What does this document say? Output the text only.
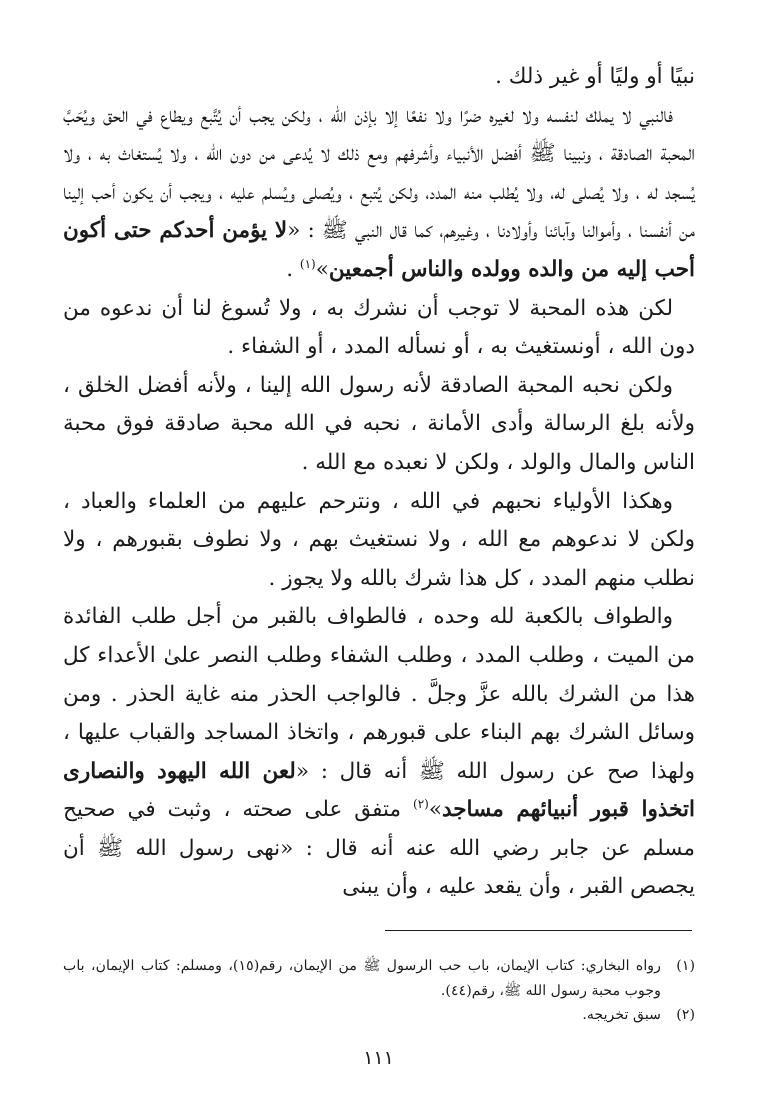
نبيًا أو وليًا أو غير ذلك .

فالنبي لا يملك لنفسه ولا لغيره ضرًا ولا نفعًا إلا بإذن الله ، ولكن يجب أن يُتَّبع ويطاع في الحق ويُحَبَّ المحبة الصادقة ، ونبينا ﷺ أفضل الأنبياء وأشرفهم ومع ذلك لا يُدعى من دون الله ، ولا يُستغاث به ، ولا يُسجد له ، ولا يُصلى له، ولا يُطلب منه المدد، ولكن يُتبع ، ويُصلى ويُسلم عليه ، ويجب أن يكون أحب إلينا من أنفسنا ، وأموالنا وآبائنا وأولادنا ، وغيرهم، كما قال النبي ﷺ : «لا يؤمن أحدكم حتى أكون أحب إليه من والده وولده والناس أجمعين»$^{(١)}$ .

لكن هذه المحبة لا توجب أن نشرك به ، ولا تُسوغ لنا أن ندعوه من دون الله ، أونستغيث به ، أو نسأله المدد ، أو الشفاء .

ولكن نحبه المحبة الصادقة لأنه رسول الله إلينا ، ولأنه أفضل الخلق ، ولأنه بلغ الرسالة وأدى الأمانة ، نحبه في الله محبة صادقة فوق محبة الناس والمال والولد ، ولكن لا نعبده مع الله .

وهكذا الأولياء نحبهم في الله ، ونترحم عليهم من العلماء والعباد ، ولكن لا ندعوهم مع الله ، ولا نستغيث بهم ، ولا نطوف بقبورهم ، ولا نطلب منهم المدد ، كل هذا شرك بالله ولا يجوز .

والطواف بالكعبة لله وحده ، فالطواف بالقبر من أجل طلب الفائدة من الميت ، وطلب المدد ، وطلب الشفاء وطلب النصر علىٰ الأعداء كل هذا من الشرك بالله عزَّ وجلَّ . فالواجب الحذر منه غاية الحذر . ومن وسائل الشرك بهم البناء على قبورهم ، واتخاذ المساجد والقباب عليها ، ولهذا صح عن رسول الله ﷺ أنه قال : «لعن الله اليهود والنصارى اتخذوا قبور أنبيائهم مساجد»$^{(٢)}$ متفق على صحته ، وثبت في صحيح مسلم عن جابر رضي الله عنه أنه قال : «نهى رسول الله ﷺ أن يجصص القبر ، وأن يقعد عليه ، وأن يبنى

(١)
رواه البخاري: كتاب الإيمان، باب حب الرسول ﷺ من الإيمان، رقم(١٥)، ومسلم: كتاب الإيمان، باب وجوب محبة رسول الله ﷺ، رقم(٤٤).

(٢)
سبق تخريجه.

١١١
